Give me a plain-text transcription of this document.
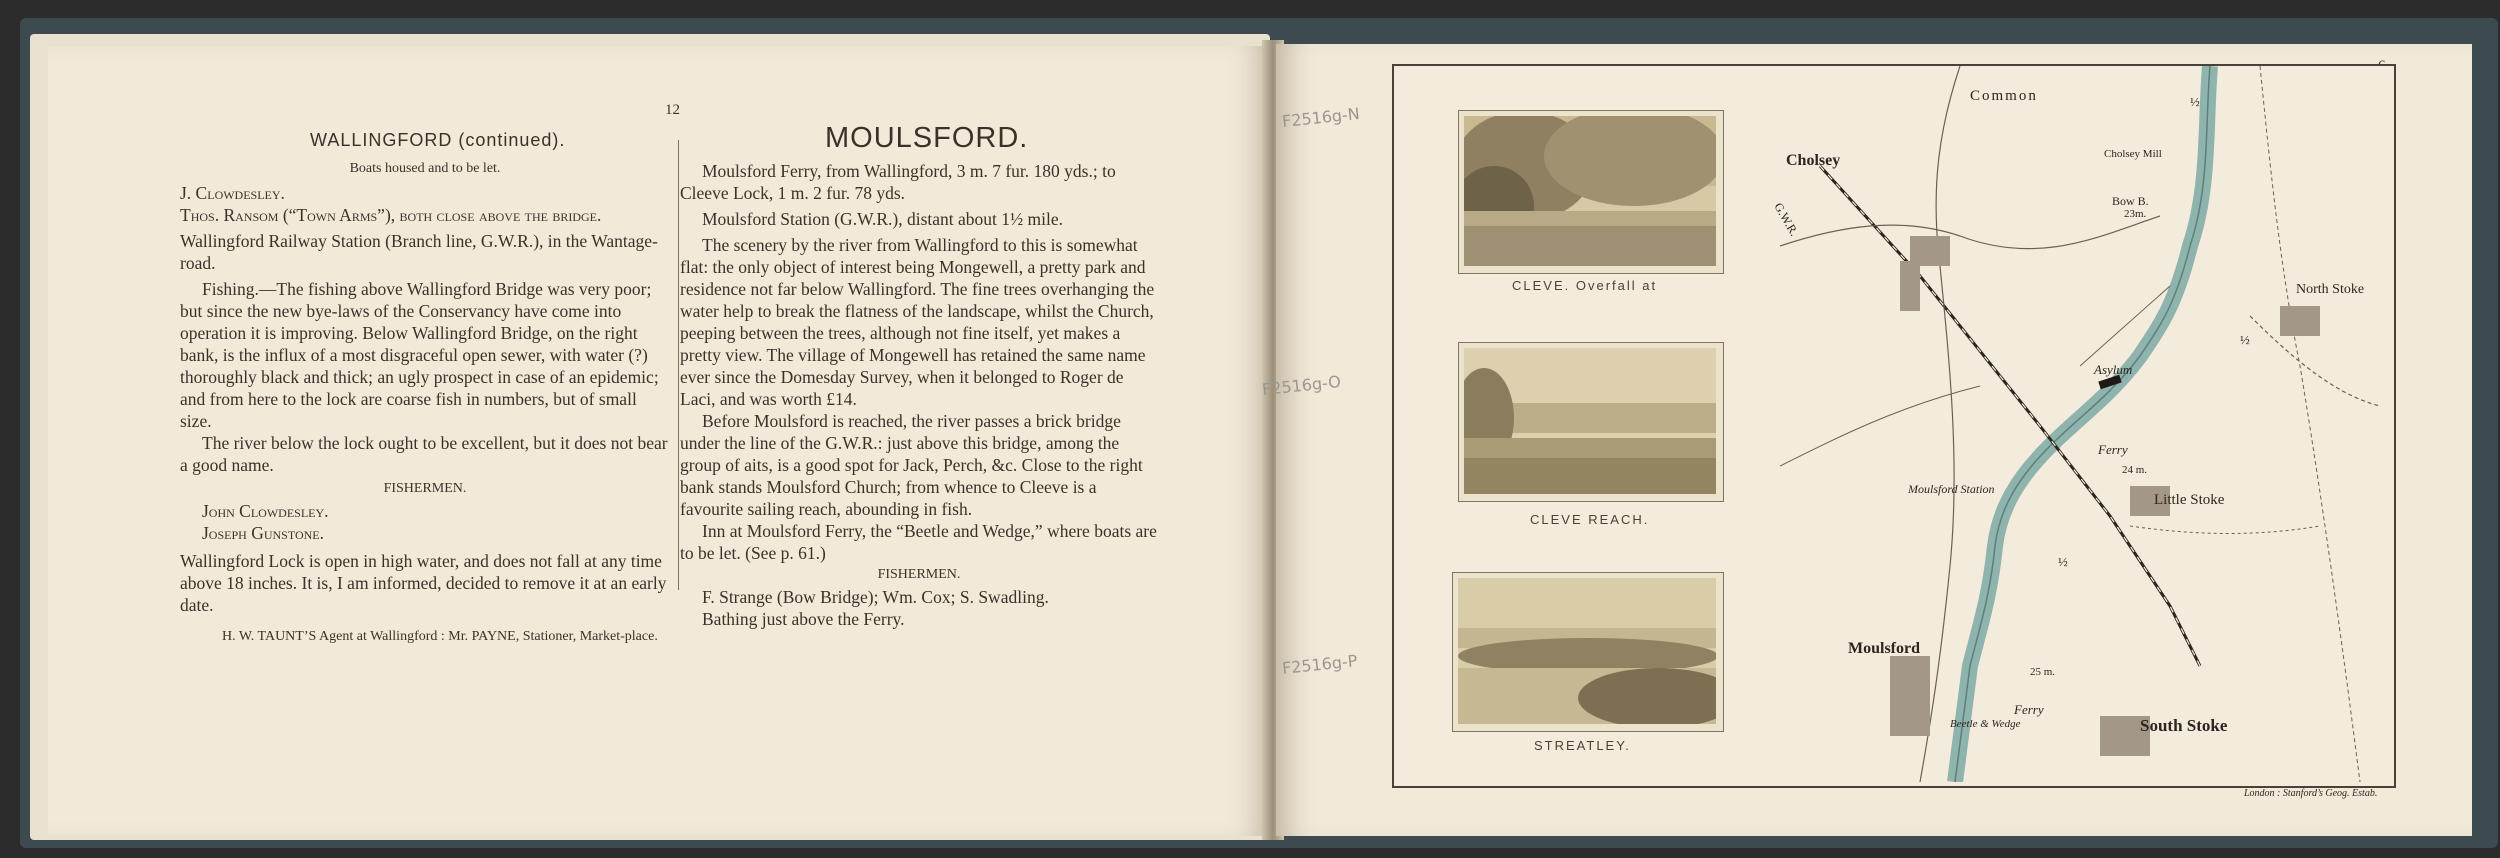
12
WALLINGFORD (continued).

Boats housed and to be let.

J. Clowdesley.

Thos. Ransom (“Town Arms”), both close above the bridge.

Wallingford Railway Station (Branch line, G.W.R.), in the Wantage-road.

Fishing.—The fishing above Wallingford Bridge was very poor; but since the new bye-laws of the Conservancy have come into operation it is improving. Below Wallingford Bridge, on the right bank, is the influx of a most disgraceful open sewer, with water (?) thoroughly black and thick; an ugly prospect in case of an epidemic; and from here to the lock are coarse fish in numbers, but of small size.

The river below the lock ought to be excellent, but it does not bear a good name.

FISHERMEN.

John Clowdesley.

Joseph Gunstone.

Wallingford Lock is open in high water, and does not fall at any time above 18 inches. It is, I am informed, decided to remove it at an early date.

H. W. TAUNT’S Agent at Wallingford : Mr. PAYNE, Stationer, Market-place.

MOULSFORD.

Moulsford Ferry, from Wallingford, 3 m. 7 fur. 180 yds.; to Cleeve Lock, 1 m. 2 fur. 78 yds.

Moulsford Station (G.W.R.), distant about 1½ mile.

The scenery by the river from Wallingford to this is somewhat flat: the only object of interest being Mongewell, a pretty park and residence not far below Wallingford. The fine trees overhanging the water help to break the flatness of the landscape, whilst the Church, peeping between the trees, although not fine itself, yet makes a pretty view. The village of Mongewell has retained the same name ever since the Domesday Survey, when it belonged to Roger de Laci, and was worth £14.

Before Moulsford is reached, the river passes a brick bridge under the line of the G.W.R.: just above this bridge, among the group of aits, is a good spot for Jack, Perch, &c. Close to the right bank stands Moulsford Church; from whence to Cleeve is a favourite sailing reach, abounding in fish.

Inn at Moulsford Ferry, the “Beetle and Wedge,” where boats are to be let. (See p. 61.)

FISHERMEN.

F. Strange (Bow Bridge); Wm. Cox; S. Swadling.

Bathing just above the Ferry.

F2516g-N
F2516g-O
F2516g-P
CLEVE. Overfall at
CLEVE REACH.
STREATLEY.
Common
Cholsey	Cholsey Mill
G.W.R.	Bow B.
23m.
North Stoke
Asylum
Ferry
24 m.
Little Stoke
Moulsford Station
Moulsford
25 m.
Ferry
Beetle & Wedge	South Stoke
½
½
½
London : Stanford’s Geog. Estab.
